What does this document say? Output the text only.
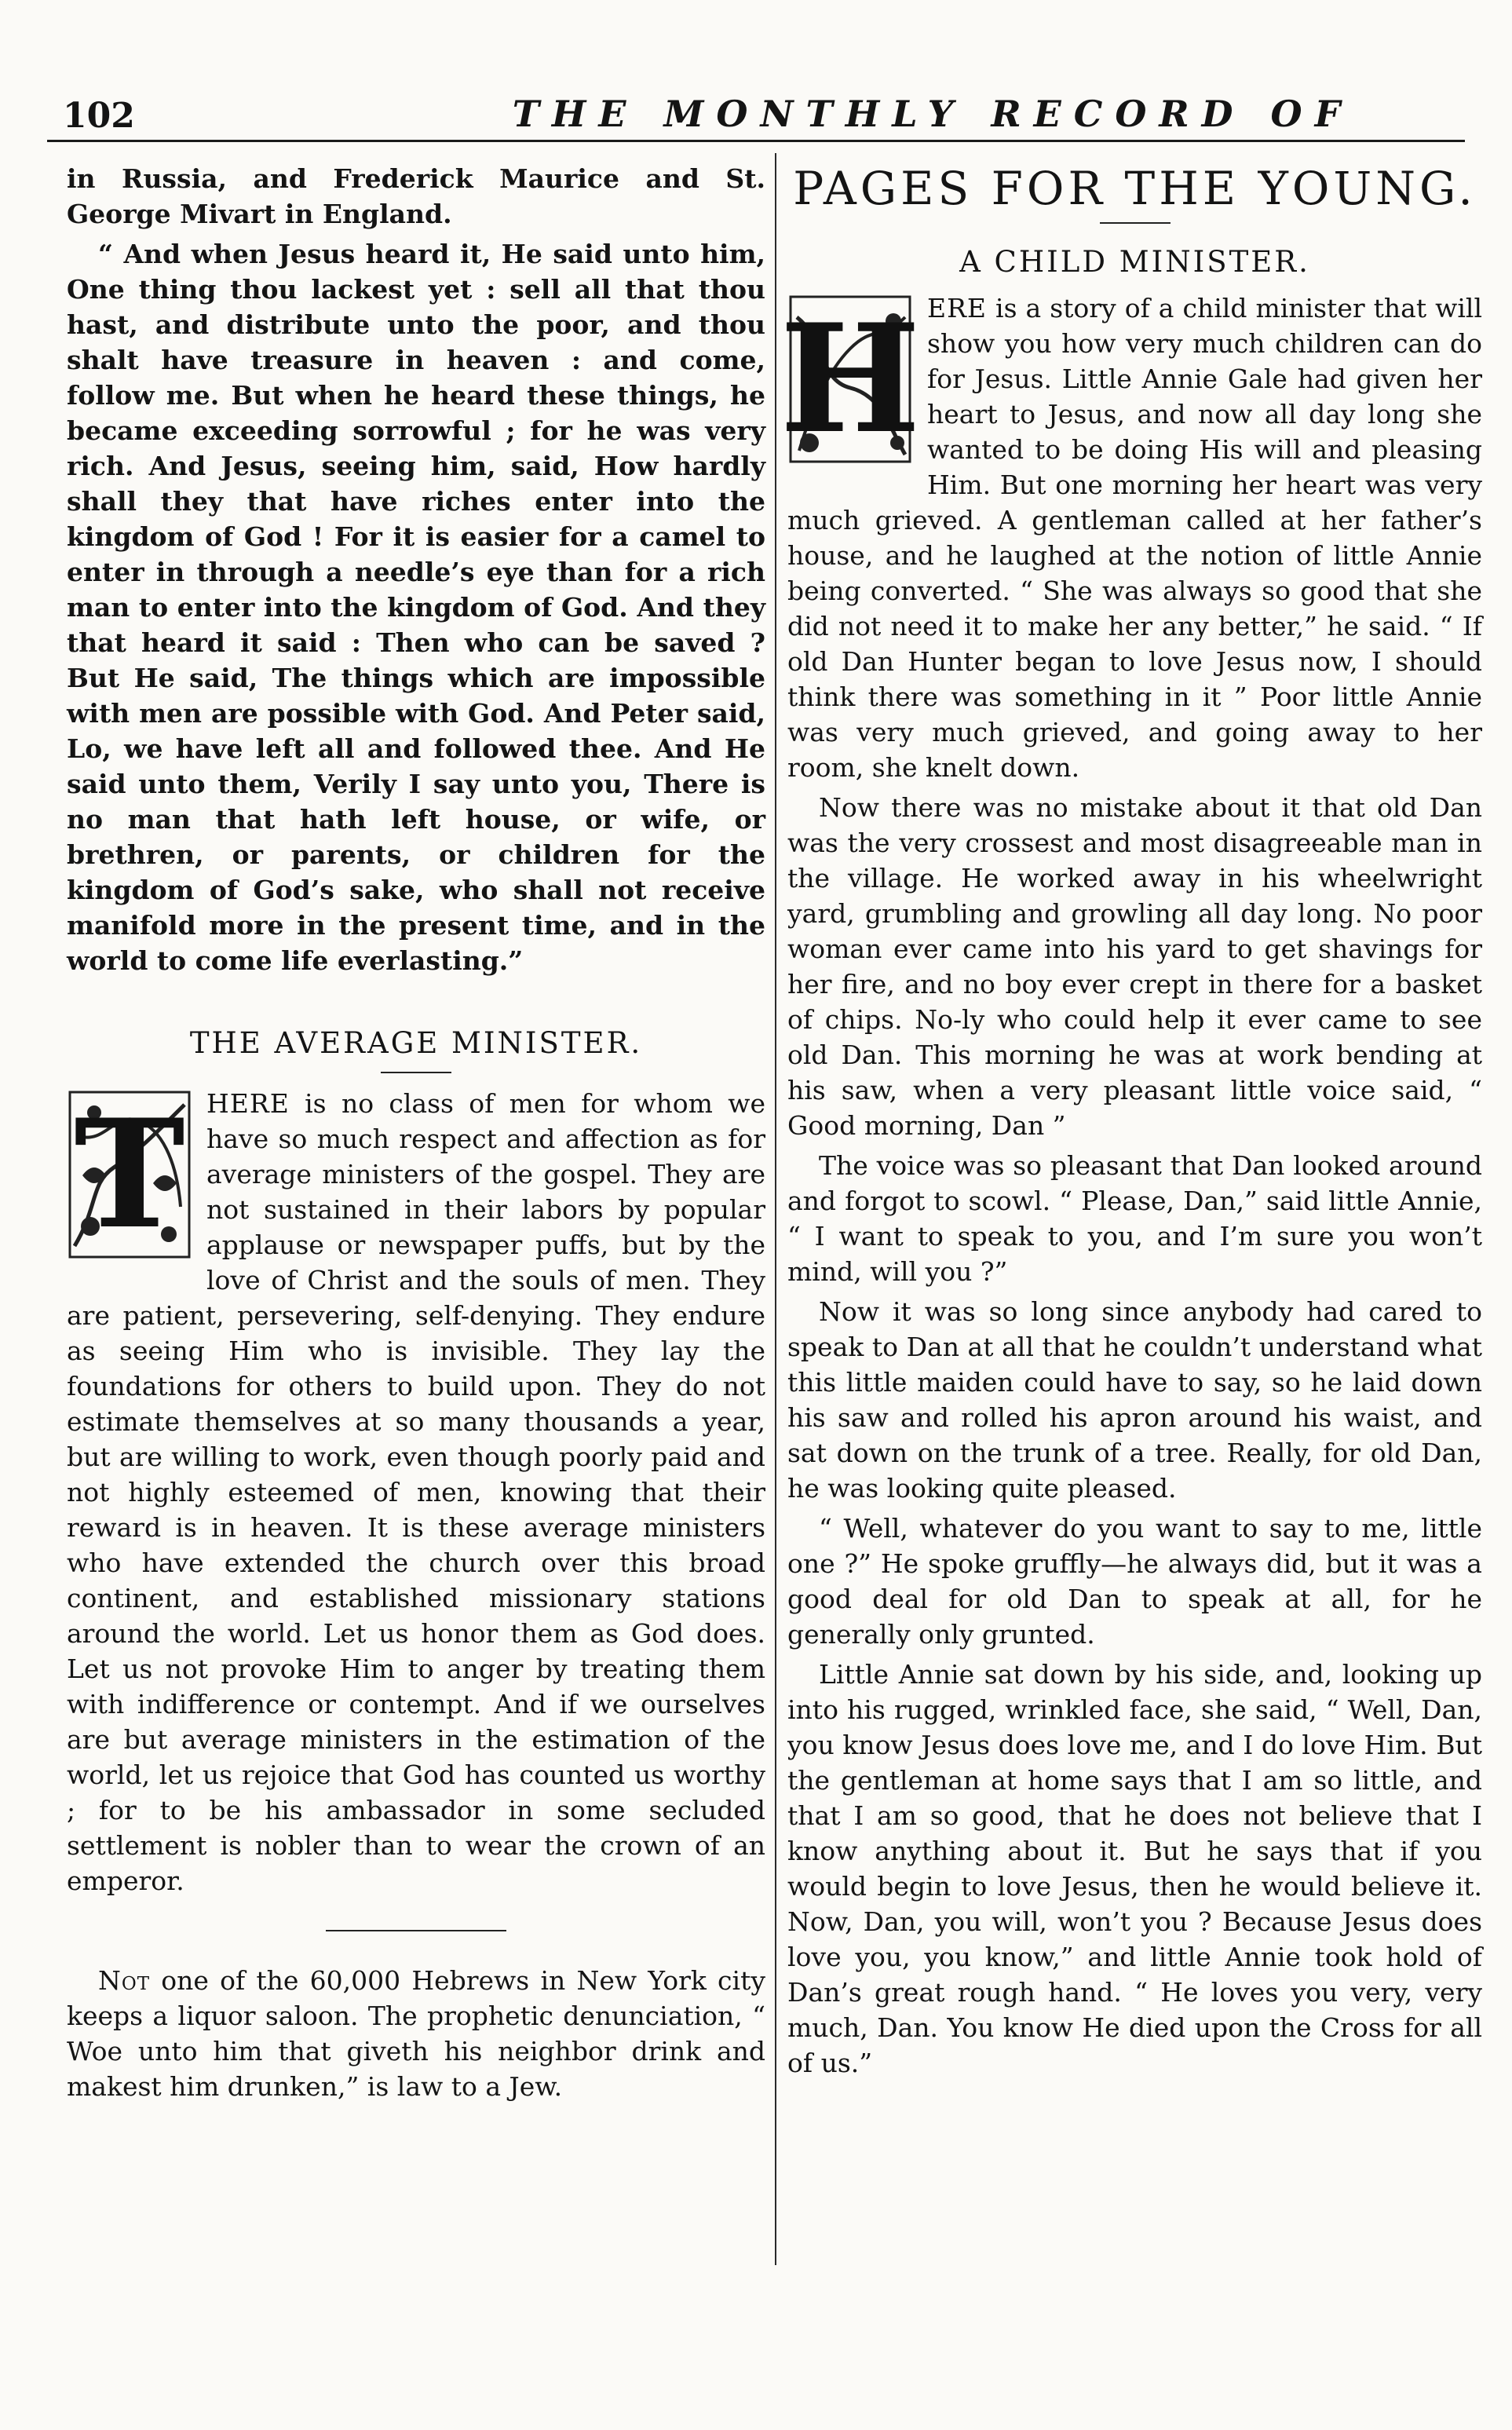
102	THE MONTHLY RECORD OF

in Russia, and Frederick Maurice and St. George Mivart in England.

“ And when Jesus heard it, He said unto him, One thing thou lackest yet : sell all that thou hast, and distribute unto the poor, and thou shalt have treasure in heaven : and come, follow me. But when he heard these things, he became exceeding sorrowful ; for he was very rich. And Jesus, seeing him, said, How hardly shall they that have riches enter into the kingdom of God ! For it is easier for a camel to enter in through a needle’s eye than for a rich man to enter into the kingdom of God. And they that heard it said : Then who can be saved ? But He said, The things which are impossible with men are possible with God. And Peter said, Lo, we have left all and followed thee. And He said unto them, Verily I say unto you, There is no man that hath left house, or wife, or brethren, or parents, or children for the kingdom of God’s sake, who shall not receive manifold more in the present time, and in the world to come life everlasting.”

THE AVERAGE MINISTER.

T HERE is no class of men for whom we have so much respect and affection as for average ministers of the gospel. They are not sustained in their labors by popular applause or newspaper puffs, but by the love of Christ and the souls of men. They are patient, persevering, self-denying. They endure as seeing Him who is invisible. They lay the foundations for others to build upon. They do not estimate themselves at so many thousands a year, but are willing to work, even though poorly paid and not highly esteemed of men, knowing that their reward is in heaven. It is these average ministers who have extended the church over this broad continent, and established missionary stations around the world. Let us honor them as God does. Let us not provoke Him to anger by treating them with indifference or contempt. And if we ourselves are but average ministers in the estimation of the world, let us rejoice that God has counted us worthy ; for to be his ambassador in some secluded settlement is nobler than to wear the crown of an emperor.

Not one of the 60,000 Hebrews in New York city keeps a liquor saloon. The prophetic denunciation, “ Woe unto him that giveth his neighbor drink and makest him drunken,” is law to a Jew.

PAGES FOR THE YOUNG.
A CHILD MINISTER.

H ERE is a story of a child minister that will show you how very much children can do for Jesus. Little Annie Gale had given her heart to Jesus, and now all day long she wanted to be doing His will and pleasing Him. But one morning her heart was very much grieved. A gentleman called at her father’s house, and he laughed at the notion of little Annie being converted. “ She was always so good that she did not need it to make her any better,” he said. “ If old Dan Hunter began to love Jesus now, I should think there was something in it ” Poor little Annie was very much grieved, and going away to her room, she knelt down.

Now there was no mistake about it that old Dan was the very crossest and most disagreeable man in the village. He worked away in his wheelwright yard, grumbling and growling all day long. No poor woman ever came into his yard to get shavings for her fire, and no boy ever crept in there for a basket of chips. No-ly who could help it ever came to see old Dan. This morning he was at work bending at his saw, when a very pleasant little voice said, “ Good morning, Dan ”

The voice was so pleasant that Dan looked around and forgot to scowl. “ Please, Dan,” said little Annie, “ I want to speak to you, and I’m sure you won’t mind, will you ?”

Now it was so long since anybody had cared to speak to Dan at all that he couldn’t understand what this little maiden could have to say, so he laid down his saw and rolled his apron around his waist, and sat down on the trunk of a tree. Really, for old Dan, he was looking quite pleased.

“ Well, whatever do you want to say to me, little one ?” He spoke gruffly—he always did, but it was a good deal for old Dan to speak at all, for he generally only grunted.

Little Annie sat down by his side, and, looking up into his rugged, wrinkled face, she said, “ Well, Dan, you know Jesus does love me, and I do love Him. But the gentleman at home says that I am so little, and that I am so good, that he does not believe that I know anything about it. But he says that if you would begin to love Jesus, then he would believe it. Now, Dan, you will, won’t you ? Because Jesus does love you, you know,” and little Annie took hold of Dan’s great rough hand. “ He loves you very, very much, Dan. You know He died upon the Cross for all of us.”
